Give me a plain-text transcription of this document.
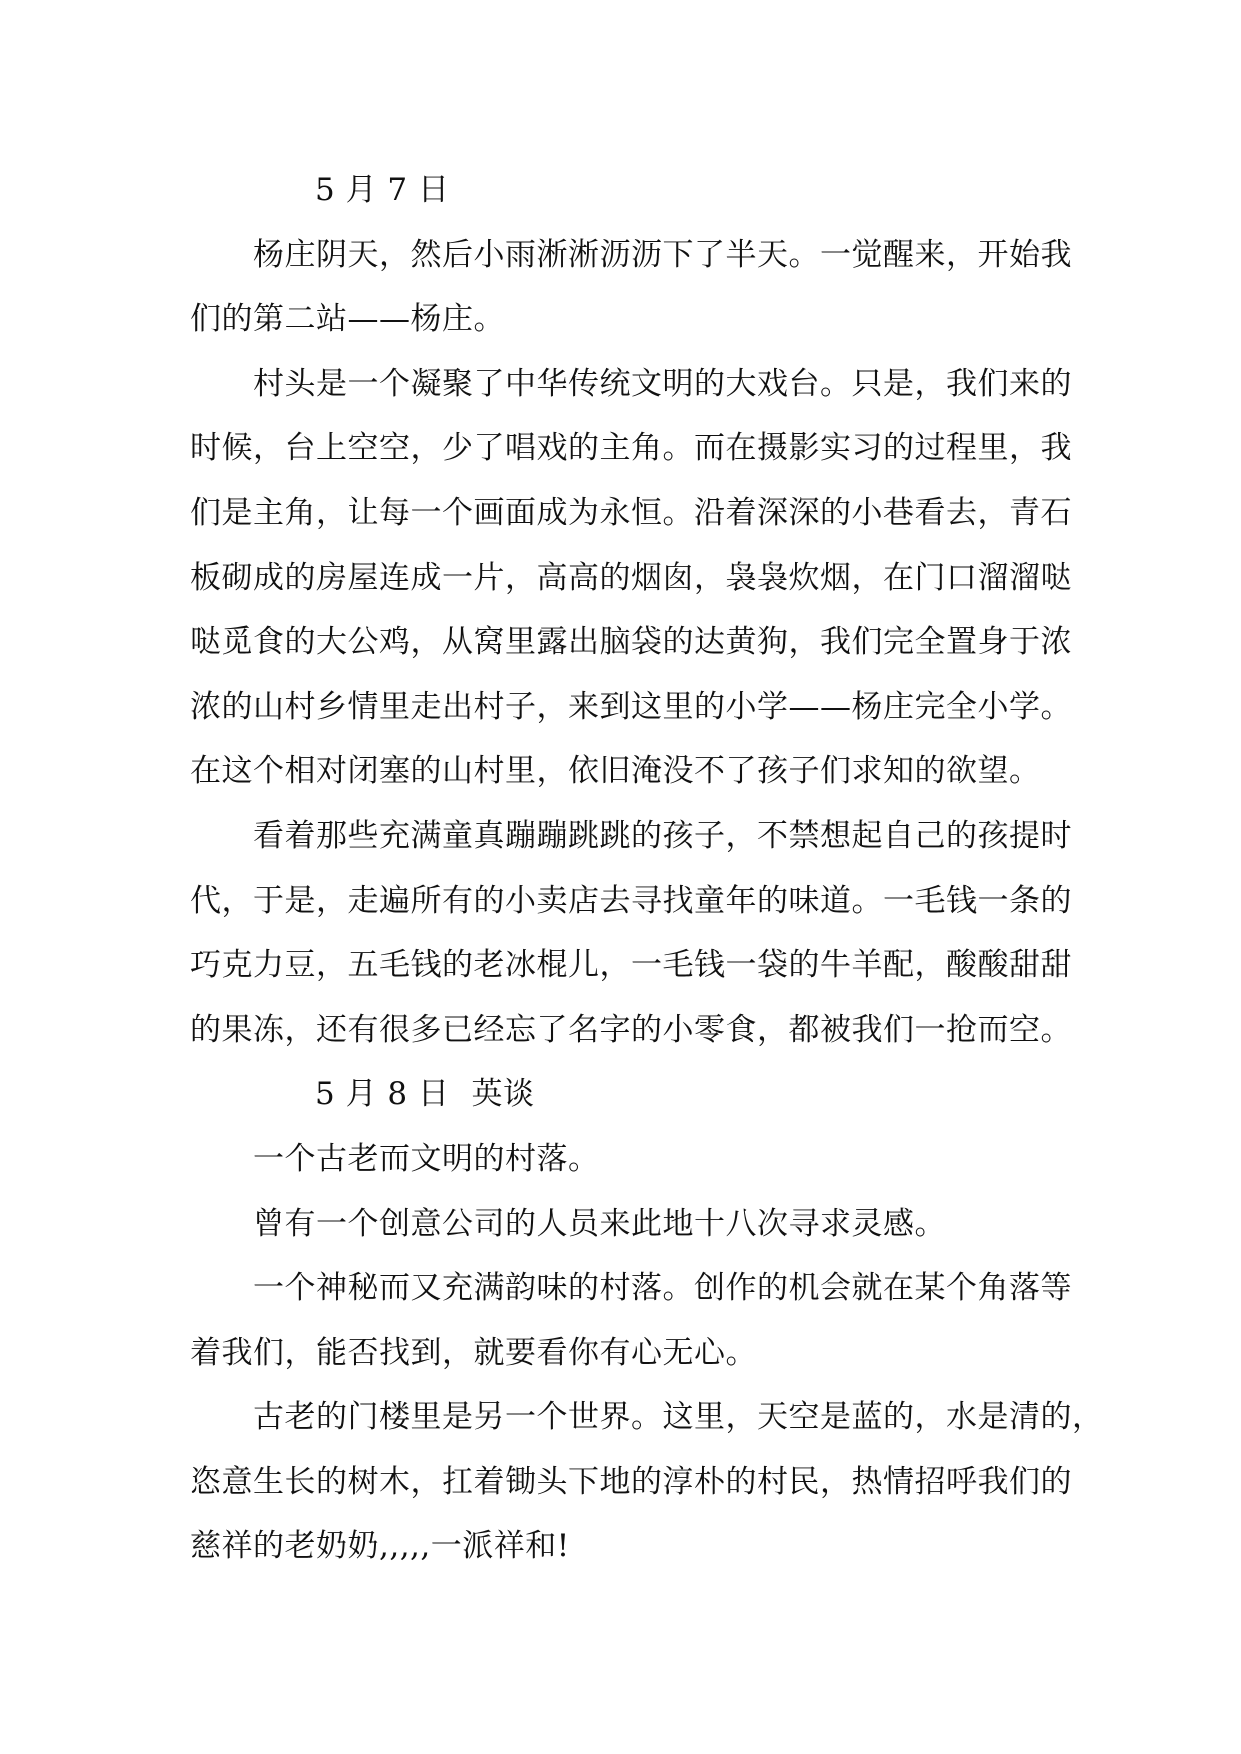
5 月 7 日
杨庄阴天，然后小雨淅淅沥沥下了半天。一觉醒来，开始我
们的第二站——杨庄。
村头是一个凝聚了中华传统文明的大戏台。只是，我们来的
时候，台上空空，少了唱戏的主角。而在摄影实习的过程里，我
们是主角，让每一个画面成为永恒。沿着深深的小巷看去，青石
板砌成的房屋连成一片，高高的烟囱，袅袅炊烟，在门口溜溜哒
哒觅食的大公鸡，从窝里露出脑袋的达黄狗，我们完全置身于浓
浓的山村乡情里走出村子，来到这里的小学——杨庄完全小学。
在这个相对闭塞的山村里，依旧淹没不了孩子们求知的欲望。
看着那些充满童真蹦蹦跳跳的孩子，不禁想起自己的孩提时
代，于是，走遍所有的小卖店去寻找童年的味道。一毛钱一条的
巧克力豆，五毛钱的老冰棍儿，一毛钱一袋的牛羊配，酸酸甜甜
的果冻，还有很多已经忘了名字的小零食，都被我们一抢而空。
5 月 8 日 英谈
一个古老而文明的村落。
曾有一个创意公司的人员来此地十八次寻求灵感。
一个神秘而又充满韵味的村落。创作的机会就在某个角落等
着我们，能否找到，就要看你有心无心。
古老的门楼里是另一个世界。这里，天空是蓝的，水是清的，
恣意生长的树木，扛着锄头下地的淳朴的村民，热情招呼我们的
慈祥的老奶奶,,,,,一派祥和!
